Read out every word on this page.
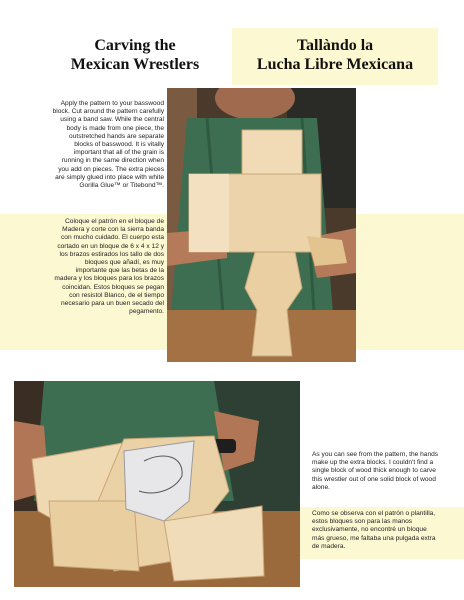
Carving the
Mexican Wrestlers
Tallàndo la
Lucha Libre Mexicana
Apply the pattern to your basswood block. Cut around the pattern carefully using a band saw. While the central body is made from one piece, the outstretched hands are separate blocks of basswood. It is vitally important that all of the grain is running in the same direction when you add on pieces. The extra pieces are simply glued into place with white Gorilla Glue™ or Titebond™.
Coloque el patrón en el bloque de Madera y corte con la sierra banda con mucho cuidado. El cuerpo esta cortado en un bloque de 6 x 4 x 12 y los brazos estirados los tallo de dos bloques que añadí, es muy importante que las betas de la madera y los bloques para los brazos coincidan. Estos bloques se pegan con resistol Blanco, de el tiempo necesario para un buen secado del pegamento.
As you can see from the pattern, the hands make up the extra blocks. I couldn't find a single block of wood thick enough to carve this wrestler out of one solid block of wood alone.
Como se observa con el patrón o plantilla, estos bloques son para las manos exclusivamente, no encontré un bloque más grueso, me faltaba una pulgada extra de madera.
